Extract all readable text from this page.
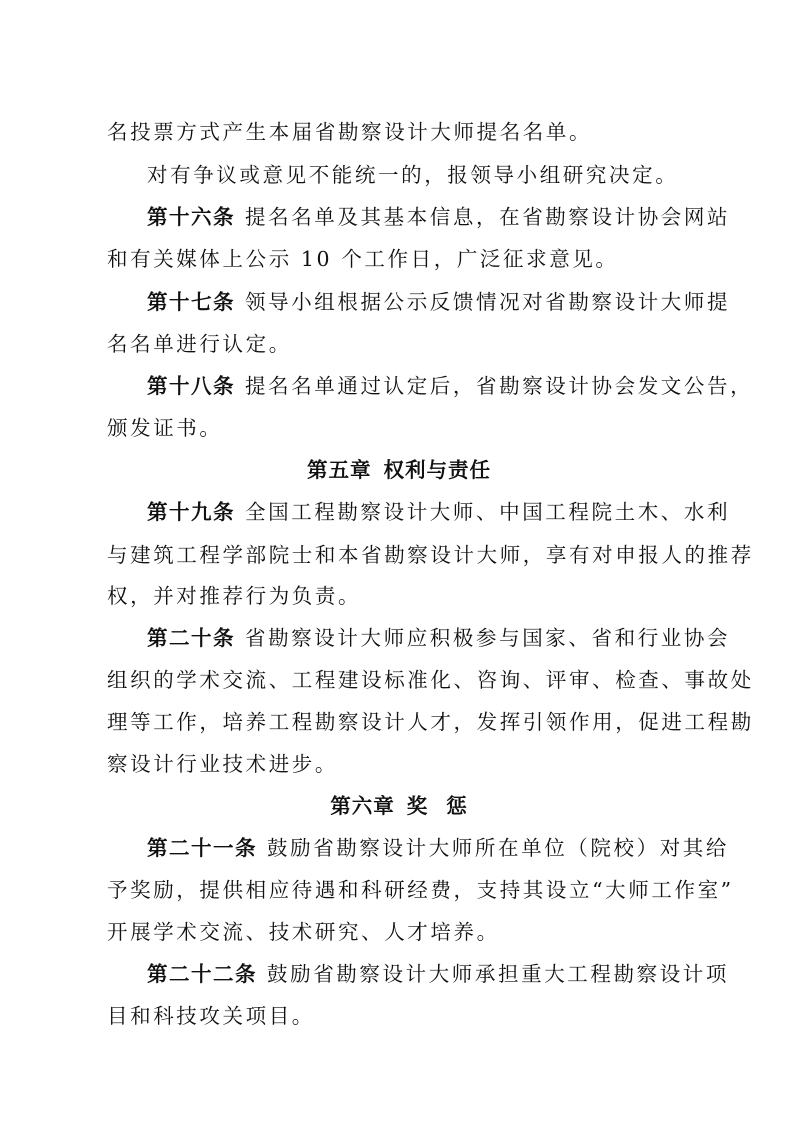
名投票方式产生本届省勘察设计大师提名名单。
对有争议或意见不能统一的，报领导小组研究决定。
第十六条 提名名单及其基本信息，在省勘察设计协会网站
和有关媒体上公示 10 个工作日，广泛征求意见。
第十七条 领导小组根据公示反馈情况对省勘察设计大师提
名名单进行认定。
第十八条 提名名单通过认定后，省勘察设计协会发文公告，
颁发证书。
第五章 权利与责任
第十九条 全国工程勘察设计大师、中国工程院土木、水利
与建筑工程学部院士和本省勘察设计大师，享有对申报人的推荐
权，并对推荐行为负责。
第二十条 省勘察设计大师应积极参与国家、省和行业协会
组织的学术交流、工程建设标准化、咨询、评审、检查、事故处
理等工作，培养工程勘察设计人才，发挥引领作用，促进工程勘
察设计行业技术进步。
第六章 奖 惩
第二十一条 鼓励省勘察设计大师所在单位（院校）对其给
予奖励，提供相应待遇和科研经费，支持其设立“大师工作室”
开展学术交流、技术研究、人才培养。
第二十二条 鼓励省勘察设计大师承担重大工程勘察设计项
目和科技攻关项目。
